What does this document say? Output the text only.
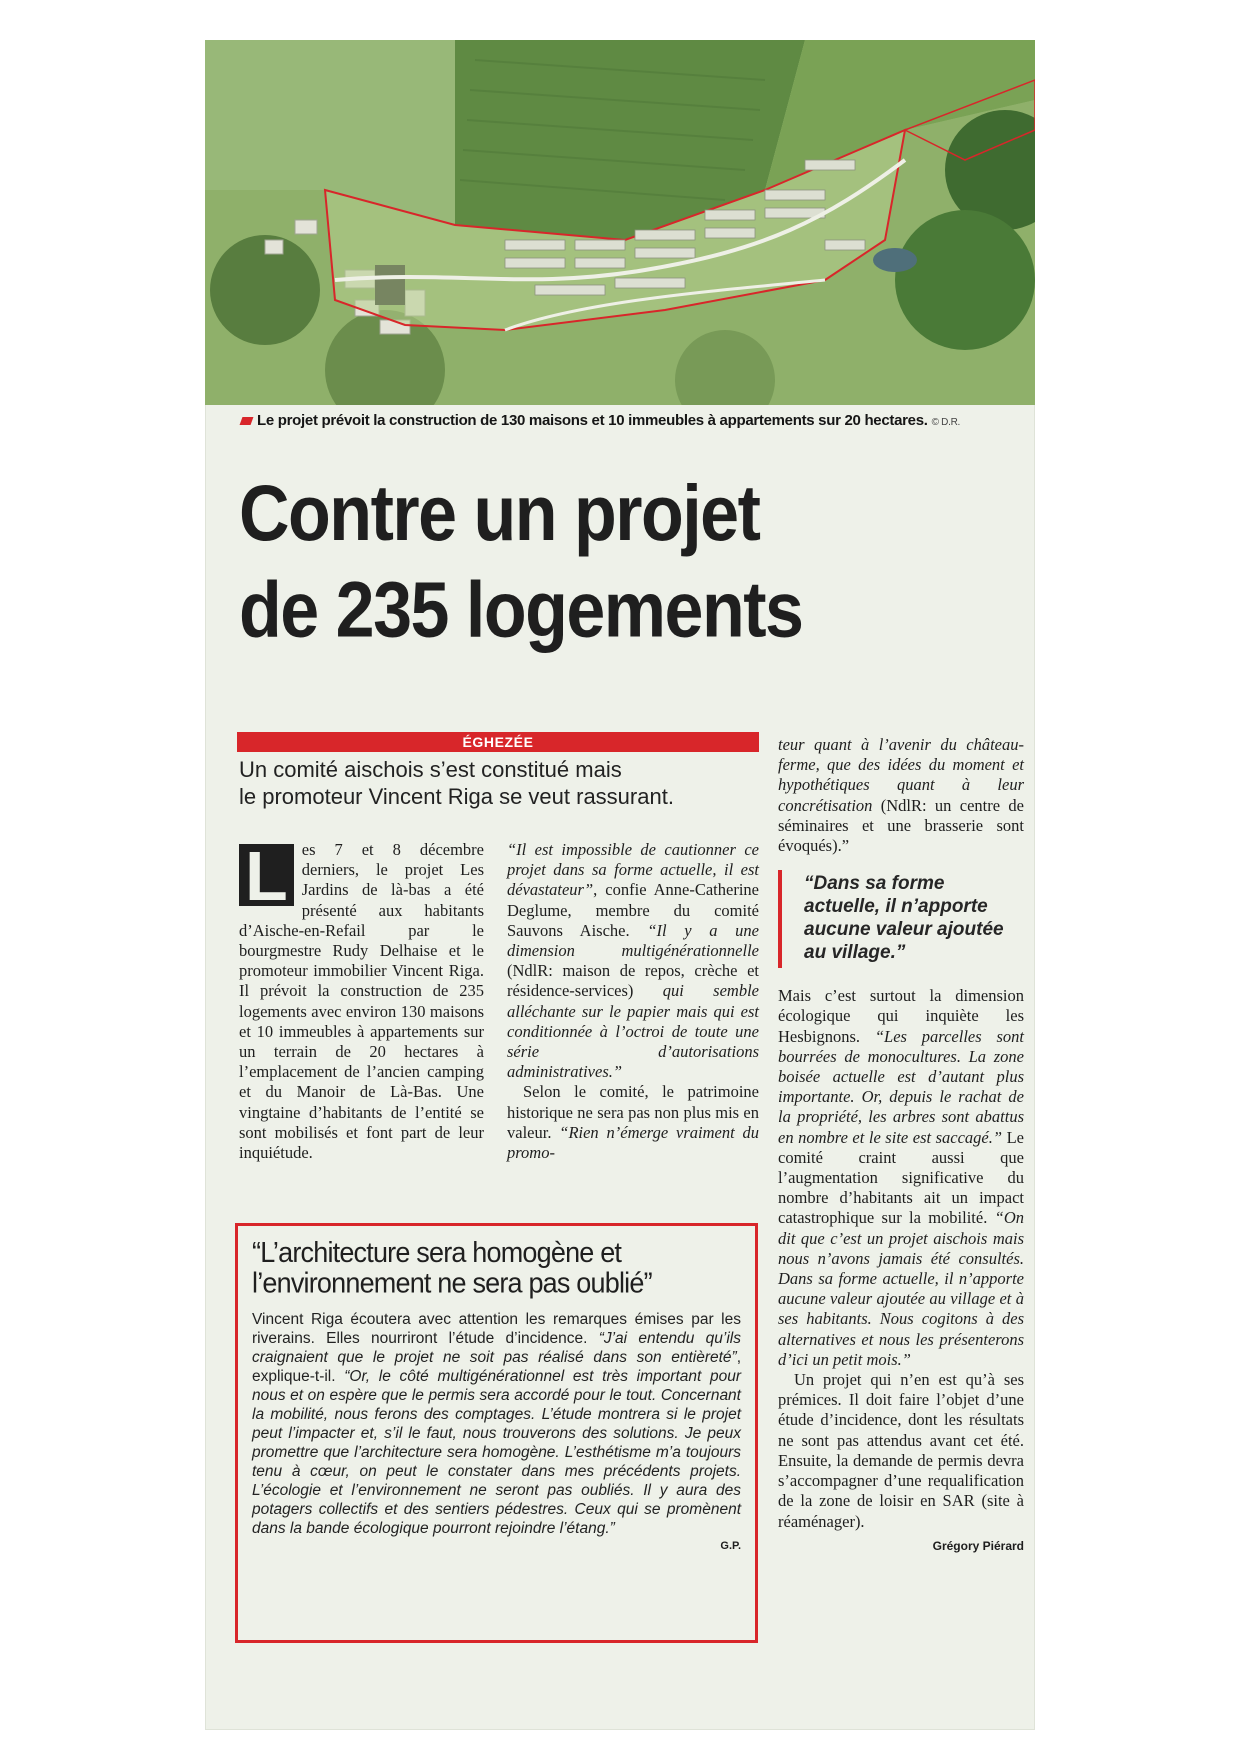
Le projet prévoit la construction de 130 maisons et 10 immeubles à appartements sur 20 hectares. © D.R.
Contre un projet
de 235 logements
ÉGHEZÉE
Un comité aischois s’est constitué mais
le promoteur Vincent Riga se veut rassurant.

L es 7 et 8 décembre derniers, le projet Les Jardins de là-bas a été présenté aux habitants d’Aische-en-Refail par le bourgmestre Rudy Delhaise et le promoteur immobilier Vincent Riga. Il prévoit la construction de 235 logements avec environ 130 maisons et 10 immeubles à appartements sur un terrain de 20 hectares à l’emplacement de l’ancien camping et du Manoir de Là-Bas. Une vingtaine d’habitants de l’entité se sont mobilisés et font part de leur inquiétude.

“Il est impossible de cautionner ce projet dans sa forme actuelle, il est dévastateur”, confie Anne-Catherine Deglume, membre du comité Sauvons Aische. “Il y a une dimension multigénérationnelle (NdlR: maison de repos, crèche et résidence-services) qui semble alléchante sur le papier mais qui est conditionnée à l’octroi de toute une série d’autorisations administratives.”

Selon le comité, le patrimoine historique ne sera pas non plus mis en valeur. “Rien n’émerge vraiment du promo-

teur quant à l’avenir du château-ferme, que des idées du moment et hypothétiques quant à leur concrétisation (NdlR: un centre de séminaires et une brasserie sont évoqués).”

“Dans sa forme actuelle, il n’apporte aucune valeur ajoutée au village.”

Mais c’est surtout la dimension écologique qui inquiète les Hesbignons. “Les parcelles sont bourrées de monocultures. La zone boisée actuelle est d’autant plus importante. Or, depuis le rachat de la propriété, les arbres sont abattus en nombre et le site est saccagé.” Le comité craint aussi que l’augmentation significative du nombre d’habitants ait un impact catastrophique sur la mobilité. “On dit que c’est un projet aischois mais nous n’avons jamais été consultés. Dans sa forme actuelle, il n’apporte aucune valeur ajoutée au village et à ses habitants. Nous cogitons à des alternatives et nous les présenterons d’ici un petit mois.”

Un projet qui n’en est qu’à ses prémices. Il doit faire l’objet d’une étude d’incidence, dont les résultats ne sont pas attendus avant cet été. Ensuite, la demande de permis devra s’accompagner d’une requalification de la zone de loisir en SAR (site à réaménager).

Grégory Piérard
“L’architecture sera homogène et
l’environnement ne sera pas oublié”
Vincent Riga écoutera avec attention les remarques émises par les riverains. Elles nourriront l’étude d’incidence. “J’ai entendu qu’ils craignaient que le projet ne soit pas réalisé dans son entièreté”, explique-t-il. “Or, le côté multigénérationnel est très important pour nous et on espère que le permis sera accordé pour le tout. Concernant la mobilité, nous ferons des comptages. L’étude montrera si le projet peut l’impacter et, s’il le faut, nous trouverons des solutions. Je peux promettre que l’architecture sera homogène. L’esthétisme m’a toujours tenu à cœur, on peut le constater dans mes précédents projets. L’écologie et l’environnement ne seront pas oubliés. Il y aura des potagers collectifs et des sentiers pédestres. Ceux qui se promènent dans la bande écologique pourront rejoindre l’étang.”
G.P.
